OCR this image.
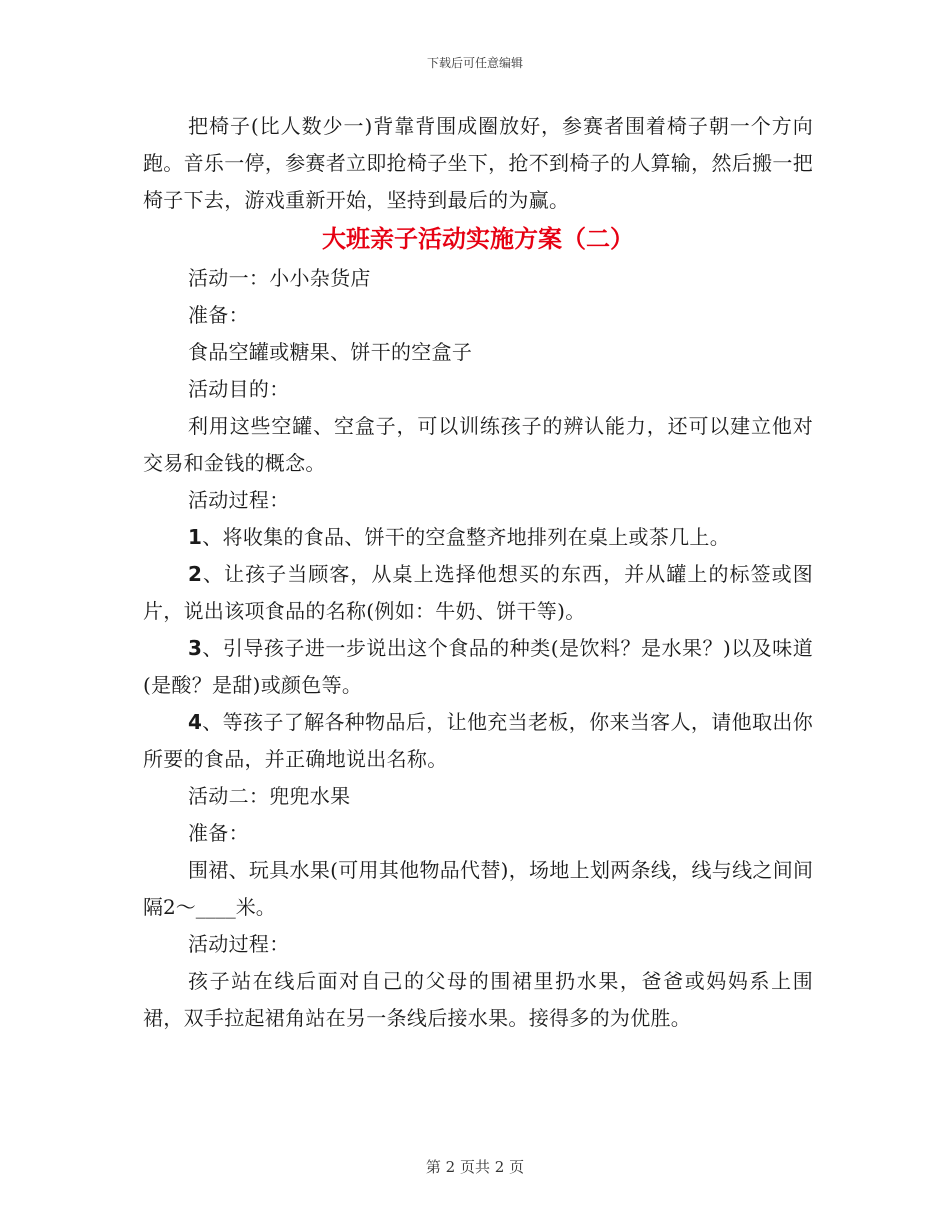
下载后可任意编辑

把椅子(比人数少一)背靠背围成圈放好，参赛者围着椅子朝一个方向跑。音乐一停，参赛者立即抢椅子坐下，抢不到椅子的人算输，然后搬一把椅子下去，游戏重新开始，坚持到最后的为赢。

大班亲子活动实施方案（二）

活动一：小小杂货店

准备：

食品空罐或糖果、饼干的空盒子

活动目的：

利用这些空罐、空盒子，可以训练孩子的辨认能力，还可以建立他对交易和金钱的概念。

活动过程：

1、将收集的食品、饼干的空盒整齐地排列在桌上或茶几上。

2、让孩子当顾客，从桌上选择他想买的东西，并从罐上的标签或图片，说出该项食品的名称(例如：牛奶、饼干等)。

3、引导孩子进一步说出这个食品的种类(是饮料？是水果？)以及味道(是酸？是甜)或颜色等。

4、等孩子了解各种物品后，让他充当老板，你来当客人，请他取出你所要的食品，并正确地说出名称。

活动二：兜兜水果

准备：

围裙、玩具水果(可用其他物品代替)，场地上划两条线，线与线之间间隔2～____米。

活动过程：

孩子站在线后面对自己的父母的围裙里扔水果，爸爸或妈妈系上围裙，双手拉起裙角站在另一条线后接水果。接得多的为优胜。

第 2 页共 2 页
